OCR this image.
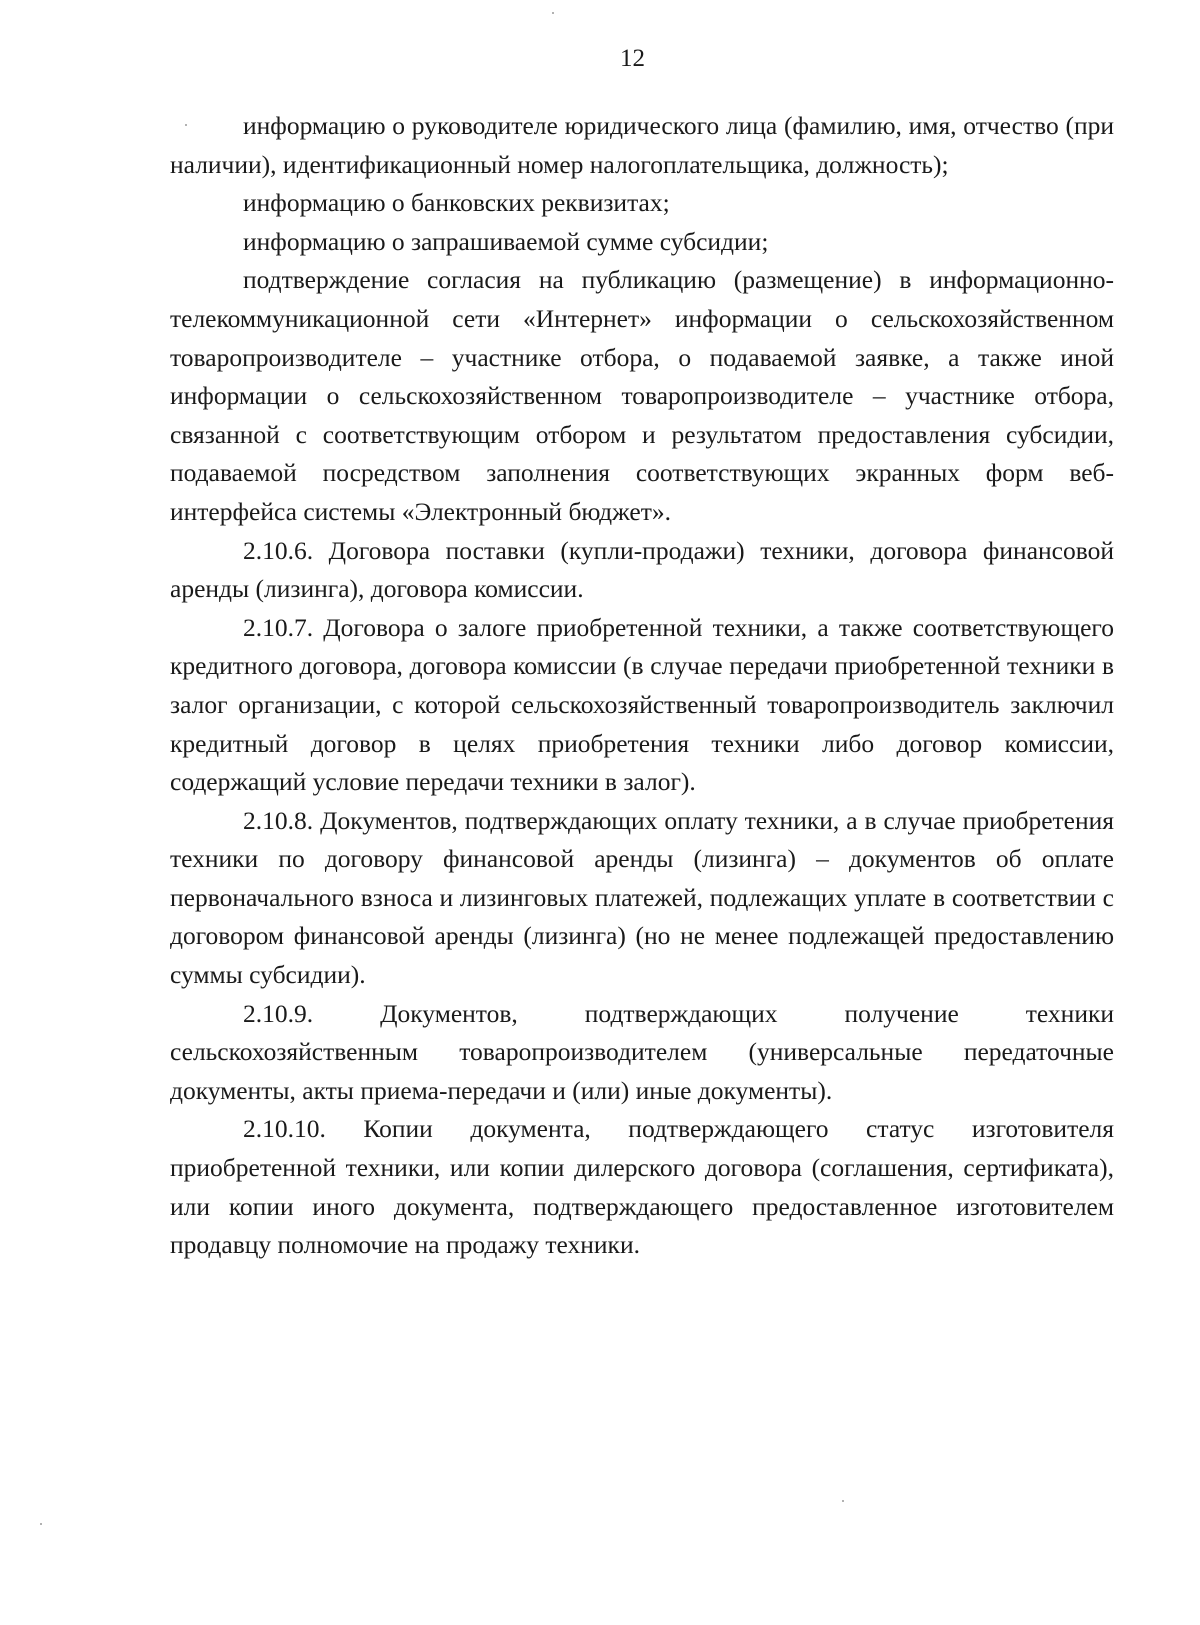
12

информацию о руководителе юридического лица (фамилию, имя, отчество (при наличии), идентификационный номер налогоплательщика, должность);

информацию о банковских реквизитах;

информацию о запрашиваемой сумме субсидии;

подтверждение согласия на публикацию (размещение) в информационно-телекоммуникационной сети «Интернет» информации о сельскохозяйственном товаропроизводителе – участнике отбора, о подаваемой заявке, а также иной информации о сельскохозяйственном товаропроизводителе – участнике отбора, связанной с соответствующим отбором и результатом предоставления субсидии, подаваемой посредством заполнения соответствующих экранных форм веб-интерфейса системы «Электронный бюджет».

2.10.6. Договора поставки (купли-продажи) техники, договора финансовой аренды (лизинга), договора комиссии.

2.10.7. Договора о залоге приобретенной техники, а также соответствующего кредитного договора, договора комиссии (в случае передачи приобретенной техники в залог организации, с которой сельскохозяйственный товаропроизводитель заключил кредитный договор в целях приобретения техники либо договор комиссии, содержащий условие передачи техники в залог).

2.10.8. Документов, подтверждающих оплату техники, а в случае приобретения техники по договору финансовой аренды (лизинга) – документов об оплате первоначального взноса и лизинговых платежей, подлежащих уплате в соответствии с договором финансовой аренды (лизинга) (но не менее подлежащей предоставлению суммы субсидии).

2.10.9. Документов, подтверждающих получение техники сельскохозяйственным товаропроизводителем (универсальные передаточные документы, акты приема-передачи и (или) иные документы).

2.10.10. Копии документа, подтверждающего статус изготовителя приобретенной техники, или копии дилерского договора (соглашения, сертификата), или копии иного документа, подтверждающего предоставленное изготовителем продавцу полномочие на продажу техники.
